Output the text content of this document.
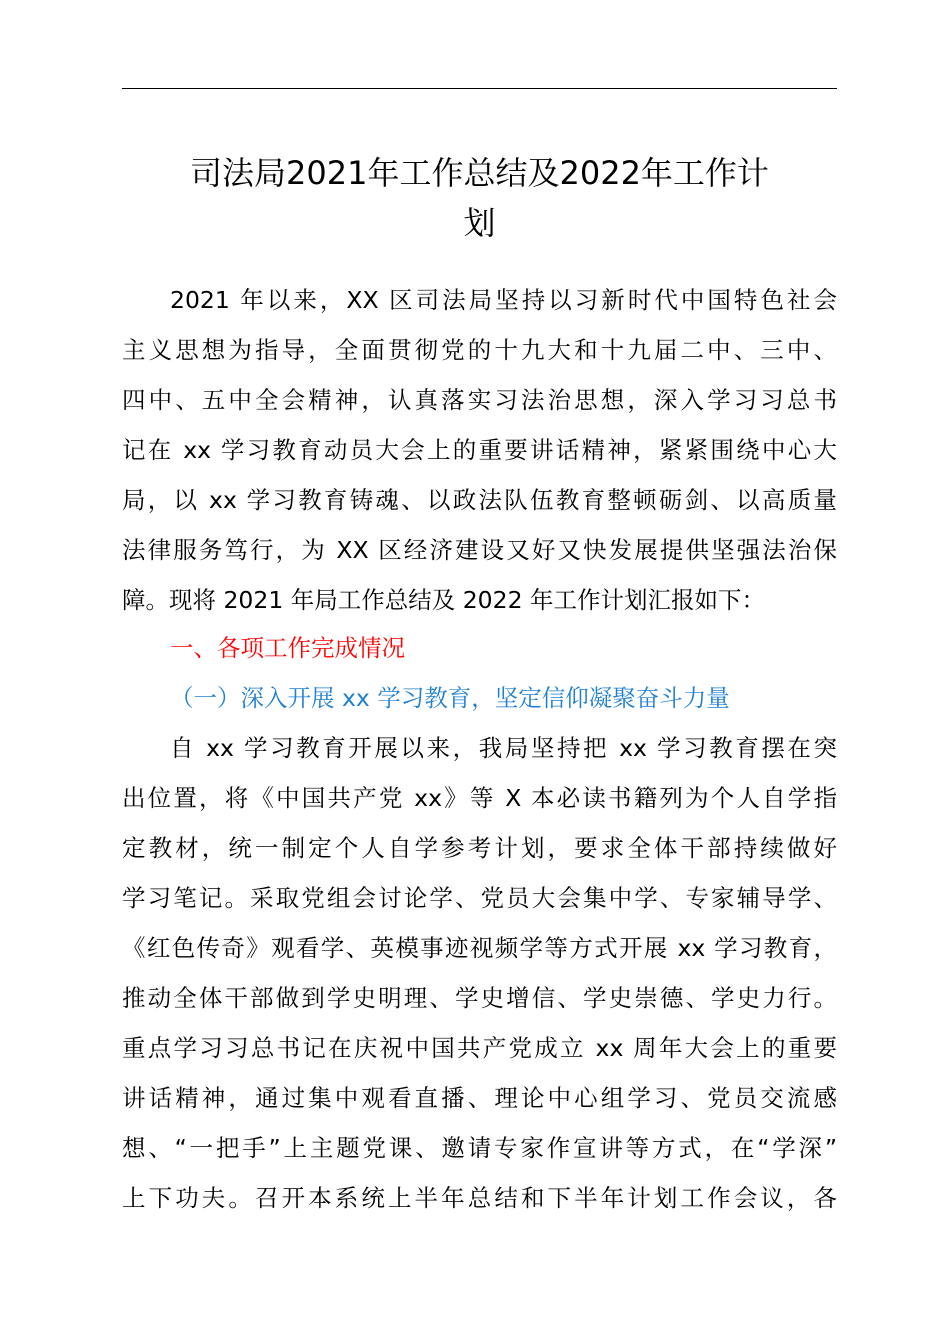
司法局2021年工作总结及2022年工作计
划
2021 年以来，XX 区司法局坚持以习新时代中国特色社会
主义思想为指导，全面贯彻党的十九大和十九届二中、三中、
四中、五中全会精神，认真落实习法治思想，深入学习习总书
记在 xx 学习教育动员大会上的重要讲话精神，紧紧围绕中心大
局，以 xx 学习教育铸魂、以政法队伍教育整顿砺剑、以高质量
法律服务笃行，为 XX 区经济建设又好又快发展提供坚强法治保
障。现将 2021 年局工作总结及 2022 年工作计划汇报如下：
一、各项工作完成情况
（一）深入开展 xx 学习教育，坚定信仰凝聚奋斗力量
自 xx 学习教育开展以来，我局坚持把 xx 学习教育摆在突
出位置，将《中国共产党 xx》等 X 本必读书籍列为个人自学指
定教材，统一制定个人自学参考计划，要求全体干部持续做好
学习笔记。采取党组会讨论学、党员大会集中学、专家辅导学、
《红色传奇》观看学、英模事迹视频学等方式开展 xx 学习教育，
推动全体干部做到学史明理、学史增信、学史崇德、学史力行。
重点学习习总书记在庆祝中国共产党成立 xx 周年大会上的重要
讲话精神，通过集中观看直播、理论中心组学习、党员交流感
想、“一把手”上主题党课、邀请专家作宣讲等方式，在“学深”
上下功夫。召开本系统上半年总结和下半年计划工作会议，各
